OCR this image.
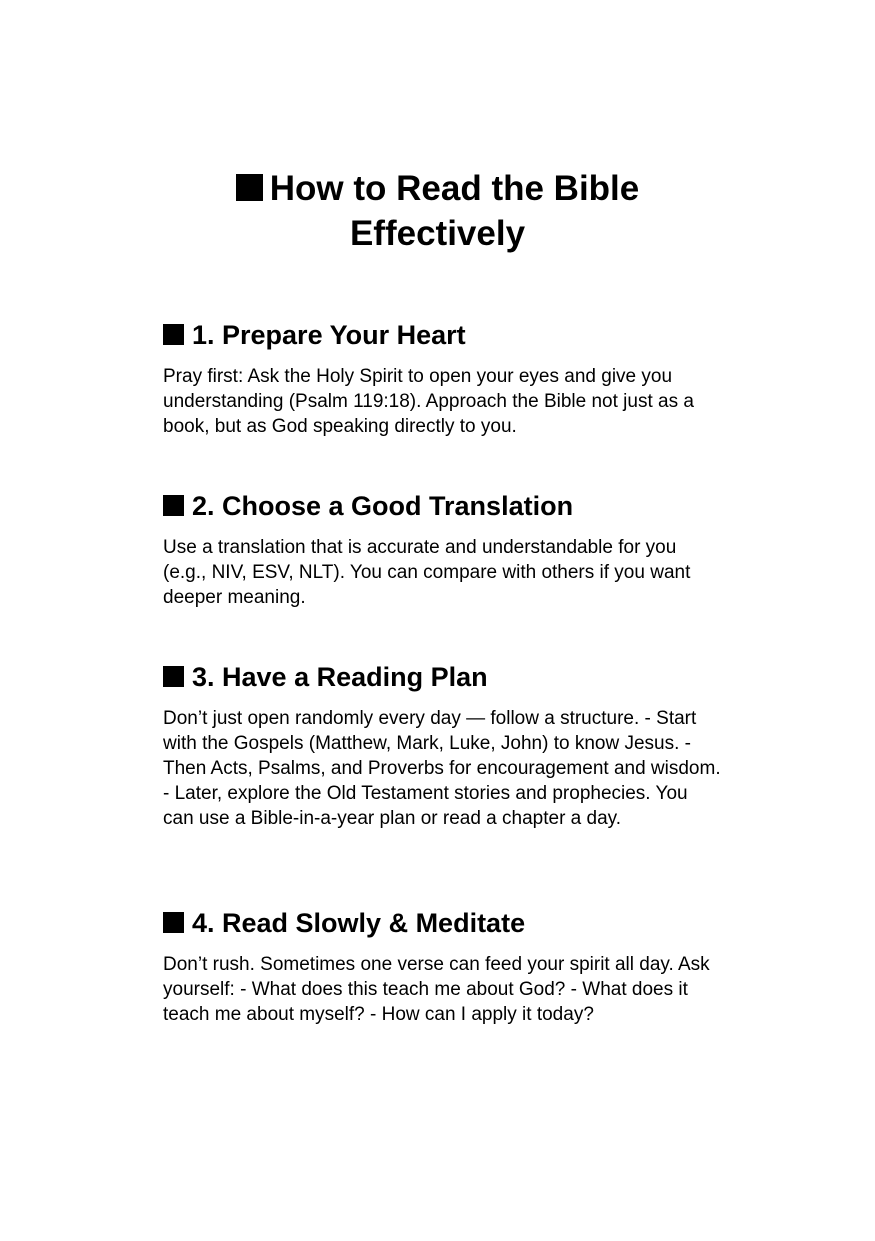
How to Read the Bible Effectively
1. Prepare Your Heart

Pray first: Ask the Holy Spirit to open your eyes and give you understanding (Psalm 119:18). Approach the Bible not just as a book, but as God speaking directly to you.

2. Choose a Good Translation

Use a translation that is accurate and understandable for you (e.g., NIV, ESV, NLT). You can compare with others if you want deeper meaning.

3. Have a Reading Plan

Don’t just open randomly every day — follow a structure. - Start with the Gospels (Matthew, Mark, Luke, John) to know Jesus. - Then Acts, Psalms, and Proverbs for encouragement and wisdom. - Later, explore the Old Testament stories and prophecies. You can use a Bible-in-a-year plan or read a chapter a day.

4. Read Slowly & Meditate

Don’t rush. Sometimes one verse can feed your spirit all day. Ask yourself: - What does this teach me about God? - What does it teach me about myself? - How can I apply it today?
